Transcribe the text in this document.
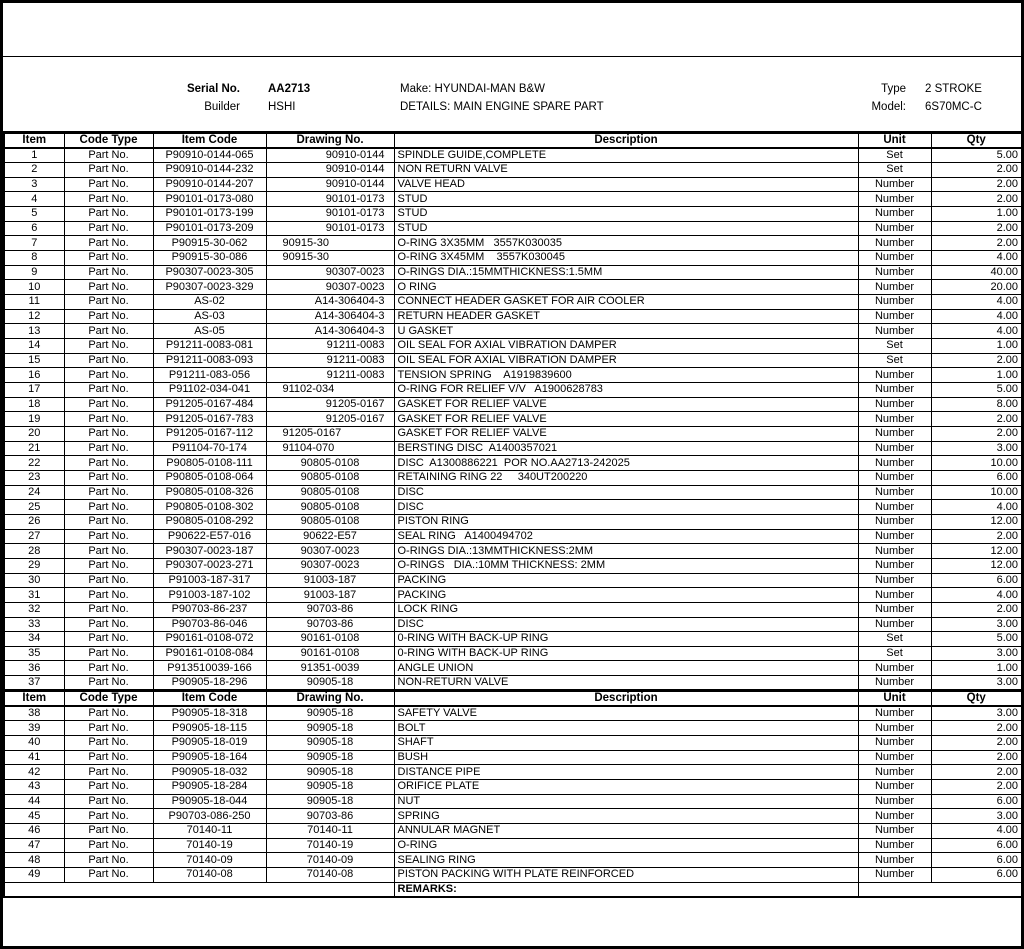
Serial No. AA2713
Builder HSHI
Make: HYUNDAI-MAN B&W
DETAILS: MAIN ENGINE SPARE PART
Type 2 STROKE
Model: 6S70MC-C
Item	Code Type	Item Code	Drawing No.	Description	Unit	Qty
1	Part No.	P90910-0144-065	90910-0144	SPINDLE GUIDE,COMPLETE	Set	5.00
2	Part No.	P90910-0144-232	90910-0144	NON RETURN VALVE	Set	2.00
3	Part No.	P90910-0144-207	90910-0144	VALVE HEAD	Number	2.00
4	Part No.	P90101-0173-080	90101-0173	STUD	Number	2.00
5	Part No.	P90101-0173-199	90101-0173	STUD	Number	1.00
6	Part No.	P90101-0173-209	90101-0173	STUD	Number	2.00
7	Part No.	P90915-30-062	90915-30	O-RING 3X35MM   3557K030035	Number	2.00
8	Part No.	P90915-30-086	90915-30	O-RING 3X45MM    3557K030045	Number	4.00
9	Part No.	P90307-0023-305	90307-0023	O-RINGS DIA.:15MMTHICKNESS:1.5MM	Number	40.00
10	Part No.	P90307-0023-329	90307-0023	O RING	Number	20.00
11	Part No.	AS-02	A14-306404-3	CONNECT HEADER GASKET FOR AIR COOLER	Number	4.00
12	Part No.	AS-03	A14-306404-3	RETURN HEADER GASKET	Number	4.00
13	Part No.	AS-05	A14-306404-3	U GASKET	Number	4.00
14	Part No.	P91211-0083-081	91211-0083	OIL SEAL FOR AXIAL VIBRATION DAMPER	Set	1.00
15	Part No.	P91211-0083-093	91211-0083	OIL SEAL FOR AXIAL VIBRATION DAMPER	Set	2.00
16	Part No.	P91211-083-056	91211-0083	TENSION SPRING    A1919839600	Number	1.00
17	Part No.	P91102-034-041	91102-034	O-RING FOR RELIEF V/V   A1900628783	Number	5.00
18	Part No.	P91205-0167-484	91205-0167	GASKET FOR RELIEF VALVE	Number	8.00
19	Part No.	P91205-0167-783	91205-0167	GASKET FOR RELIEF VALVE	Number	2.00
20	Part No.	P91205-0167-112	91205-0167	GASKET FOR RELIEF VALVE	Number	2.00
21	Part No.	P91104-70-174	91104-070	BERSTING DISC  A1400357021	Number	3.00
22	Part No.	P90805-0108-111	90805-0108	DISC  A1300886221  POR NO.AA2713-242025	Number	10.00
23	Part No.	P90805-0108-064	90805-0108	RETAINING RING 22     340UT200220	Number	6.00
24	Part No.	P90805-0108-326	90805-0108	DISC	Number	10.00
25	Part No.	P90805-0108-302	90805-0108	DISC	Number	4.00
26	Part No.	P90805-0108-292	90805-0108	PISTON RING	Number	12.00
27	Part No.	P90622-E57-016	90622-E57	SEAL RING   A1400494702	Number	2.00
28	Part No.	P90307-0023-187	90307-0023	O-RINGS DIA.:13MMTHICKNESS:2MM	Number	12.00
29	Part No.	P90307-0023-271	90307-0023	O-RINGS   DIA.:10MM THICKNESS: 2MM	Number	12.00
30	Part No.	P91003-187-317	91003-187	PACKING	Number	6.00
31	Part No.	P91003-187-102	91003-187	PACKING	Number	4.00
32	Part No.	P90703-86-237	90703-86	LOCK RING	Number	2.00
33	Part No.	P90703-86-046	90703-86	DISC	Number	3.00
34	Part No.	P90161-0108-072	90161-0108	0-RING WITH BACK-UP RING	Set	5.00
35	Part No.	P90161-0108-084	90161-0108	0-RING WITH BACK-UP RING	Set	3.00
36	Part No.	P913510039-166	91351-0039	ANGLE UNION	Number	1.00
37	Part No.	P90905-18-296	90905-18	NON-RETURN VALVE	Number	3.00
Item	Code Type	Item Code	Drawing No.	Description	Unit	Qty
38	Part No.	P90905-18-318	90905-18	SAFETY VALVE	Number	3.00
39	Part No.	P90905-18-115	90905-18	BOLT	Number	2.00
40	Part No.	P90905-18-019	90905-18	SHAFT	Number	2.00
41	Part No.	P90905-18-164	90905-18	BUSH	Number	2.00
42	Part No.	P90905-18-032	90905-18	DISTANCE PIPE	Number	2.00
43	Part No.	P90905-18-284	90905-18	ORIFICE PLATE	Number	2.00
44	Part No.	P90905-18-044	90905-18	NUT	Number	6.00
45	Part No.	P90703-086-250	90703-86	SPRING	Number	3.00
46	Part No.	70140-11	70140-11	ANNULAR MAGNET	Number	4.00
47	Part No.	70140-19	70140-19	O-RING	Number	6.00
48	Part No.	70140-09	70140-09	SEALING RING	Number	6.00
49	Part No.	70140-08	70140-08	PISTON PACKING WITH PLATE REINFORCED	Number	6.00
				REMARKS:		
